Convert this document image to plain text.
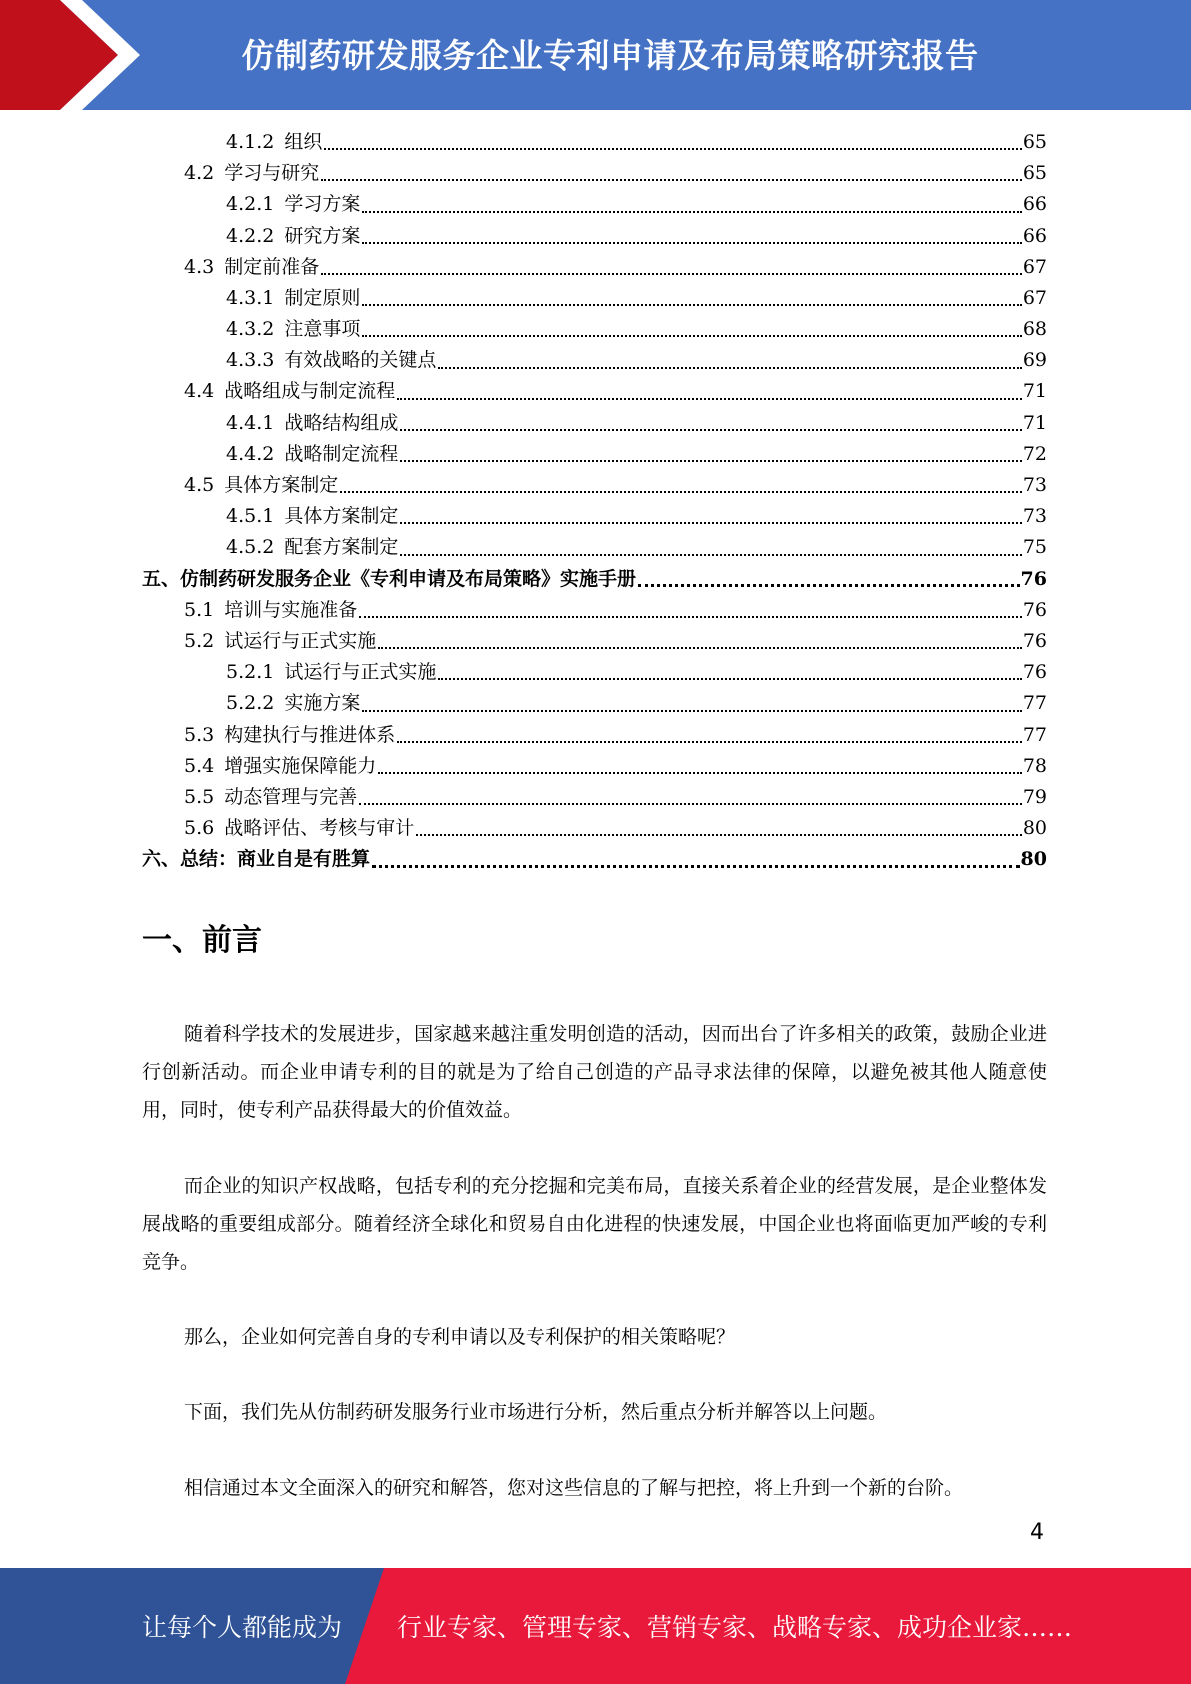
仿制药研发服务企业专利申请及布局策略研究报告
4.1.2 组织	65
4.2 学习与研究	65
4.2.1 学习方案	66
4.2.2 研究方案	66
4.3 制定前准备	67
4.3.1 制定原则	67
4.3.2 注意事项	68
4.3.3 有效战略的关键点	69
4.4 战略组成与制定流程	71
4.4.1 战略结构组成	71
4.4.2 战略制定流程	72
4.5 具体方案制定	73
4.5.1 具体方案制定	73
4.5.2 配套方案制定	75
五、仿制药研发服务企业《专利申请及布局策略》实施手册	76
5.1 培训与实施准备	76
5.2 试运行与正式实施	76
5.2.1 试运行与正式实施	76
5.2.2 实施方案	77
5.3 构建执行与推进体系	77
5.4 增强实施保障能力	78
5.5 动态管理与完善	79
5.6 战略评估、考核与审计	80
六、总结：商业自是有胜算	80
一、前言

随着科学技术的发展进步，国家越来越注重发明创造的活动，因而出台了许多相关的政策，鼓励企业进行创新活动。而企业申请专利的目的就是为了给自己创造的产品寻求法律的保障，以避免被其他人随意使用，同时，使专利产品获得最大的价值效益。

而企业的知识产权战略，包括专利的充分挖掘和完美布局，直接关系着企业的经营发展，是企业整体发展战略的重要组成部分。随着经济全球化和贸易自由化进程的快速发展，中国企业也将面临更加严峻的专利竞争。

那么，企业如何完善自身的专利申请以及专利保护的相关策略呢？

下面，我们先从仿制药研发服务行业市场进行分析，然后重点分析并解答以上问题。

相信通过本文全面深入的研究和解答，您对这些信息的了解与把控，将上升到一个新的台阶。

4
让每个人都能成为 行业专家、管理专家、营销专家、战略专家、成功企业家……
